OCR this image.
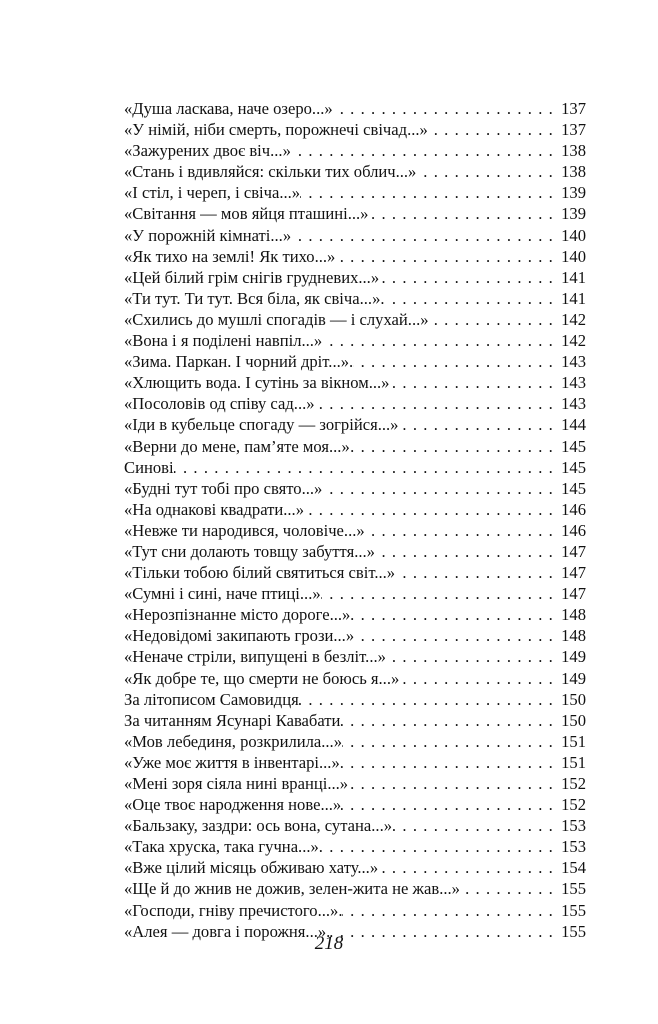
«Душа ласкава, наче озеро...» .....	137
«У німій, ніби смерть, порожнечі свічад...» .....	137
«Зажурених двоє віч...» .....	138
«Стань і вдивляйся: скільки тих облич...» .....	138
«І стіл, і череп, і свіча...» .....	139
«Світання — мов яйця пташині...» .....	139
«У порожній кімнаті...» .....	140
«Як тихо на землі! Як тихо...» .....	140
«Цей білий грім снігів грудневих...» .....	141
«Ти тут. Ти тут. Вся біла, як свіча...». .....	141
«Схились до мушлі спогадів — і слухай...» .....	142
«Вона і я поділені навпіл...» .....	142
«Зима. Паркан. І чорний дріт...». .....	143
«Хлющить вода. І сутінь за вікном...» .....	143
«Посоловів од співу сад...» .....	143
«Іди в кубельце спогаду — зогрійся...» .....	144
«Верни до мене, пам’яте моя...» .....	145
Синові .....	145
«Будні тут тобі про свято...» .....	145
«На однакові квадрати...» .....	146
«Невже ти народився, чоловіче...» .....	146
«Тут сни долають товщу забуття...» .....	147
«Тільки тобою білий святиться світ...» .....	147
«Сумні і сині, наче птиці...» .....	147
«Нерозпізнанне місто дороге...» .....	148
«Недовідомі закипають грози...» .....	148
«Неначе стріли, випущені в безліт...» .....	149
«Як добре те, що смерти не боюсь я...» .....	149
За літописом Самовидця .....	150
За читанням Ясунарі Кавабати .....	150
«Мов лебединя, розкрилила...» .....	151
«Уже моє життя в інвентарі...». .....	151
«Мені зоря сіяла нині вранці...» .....	152
«Оце твоє народження нове...» .....	152
«Бальзаку, заздри: ось вона, сутана...» .....	153
«Така хруска, така гучна...» .....	153
«Вже цілий місяць обживаю хату...» .....	154
«Ще й до жнив не дожив, зелен-жита не жав...» .....	155
«Господи, гніву пречистого...». .....	155
«Алея — довга і порожня...». .....	155
218
